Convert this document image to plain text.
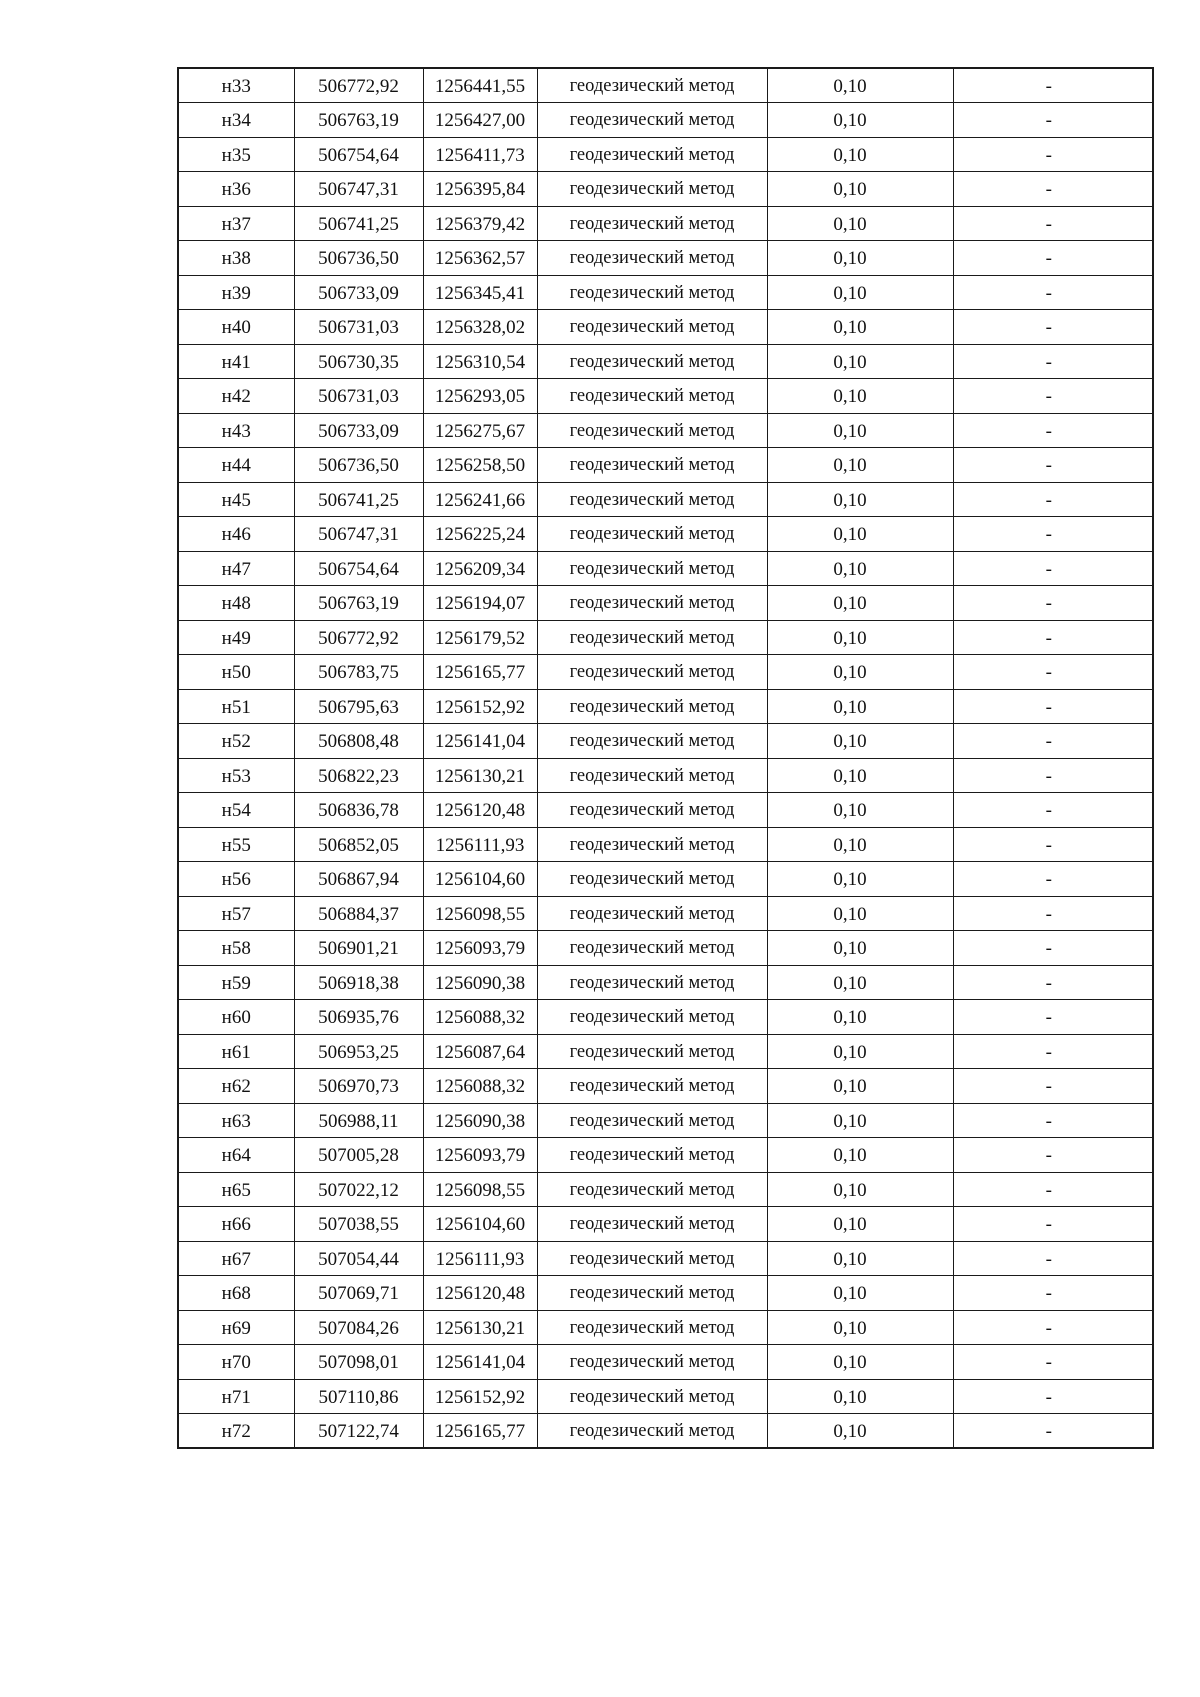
н33	506772,92	1256441,55	геодезический метод	0,10	-
н34	506763,19	1256427,00	геодезический метод	0,10	-
н35	506754,64	1256411,73	геодезический метод	0,10	-
н36	506747,31	1256395,84	геодезический метод	0,10	-
н37	506741,25	1256379,42	геодезический метод	0,10	-
н38	506736,50	1256362,57	геодезический метод	0,10	-
н39	506733,09	1256345,41	геодезический метод	0,10	-
н40	506731,03	1256328,02	геодезический метод	0,10	-
н41	506730,35	1256310,54	геодезический метод	0,10	-
н42	506731,03	1256293,05	геодезический метод	0,10	-
н43	506733,09	1256275,67	геодезический метод	0,10	-
н44	506736,50	1256258,50	геодезический метод	0,10	-
н45	506741,25	1256241,66	геодезический метод	0,10	-
н46	506747,31	1256225,24	геодезический метод	0,10	-
н47	506754,64	1256209,34	геодезический метод	0,10	-
н48	506763,19	1256194,07	геодезический метод	0,10	-
н49	506772,92	1256179,52	геодезический метод	0,10	-
н50	506783,75	1256165,77	геодезический метод	0,10	-
н51	506795,63	1256152,92	геодезический метод	0,10	-
н52	506808,48	1256141,04	геодезический метод	0,10	-
н53	506822,23	1256130,21	геодезический метод	0,10	-
н54	506836,78	1256120,48	геодезический метод	0,10	-
н55	506852,05	1256111,93	геодезический метод	0,10	-
н56	506867,94	1256104,60	геодезический метод	0,10	-
н57	506884,37	1256098,55	геодезический метод	0,10	-
н58	506901,21	1256093,79	геодезический метод	0,10	-
н59	506918,38	1256090,38	геодезический метод	0,10	-
н60	506935,76	1256088,32	геодезический метод	0,10	-
н61	506953,25	1256087,64	геодезический метод	0,10	-
н62	506970,73	1256088,32	геодезический метод	0,10	-
н63	506988,11	1256090,38	геодезический метод	0,10	-
н64	507005,28	1256093,79	геодезический метод	0,10	-
н65	507022,12	1256098,55	геодезический метод	0,10	-
н66	507038,55	1256104,60	геодезический метод	0,10	-
н67	507054,44	1256111,93	геодезический метод	0,10	-
н68	507069,71	1256120,48	геодезический метод	0,10	-
н69	507084,26	1256130,21	геодезический метод	0,10	-
н70	507098,01	1256141,04	геодезический метод	0,10	-
н71	507110,86	1256152,92	геодезический метод	0,10	-
н72	507122,74	1256165,77	геодезический метод	0,10	-
